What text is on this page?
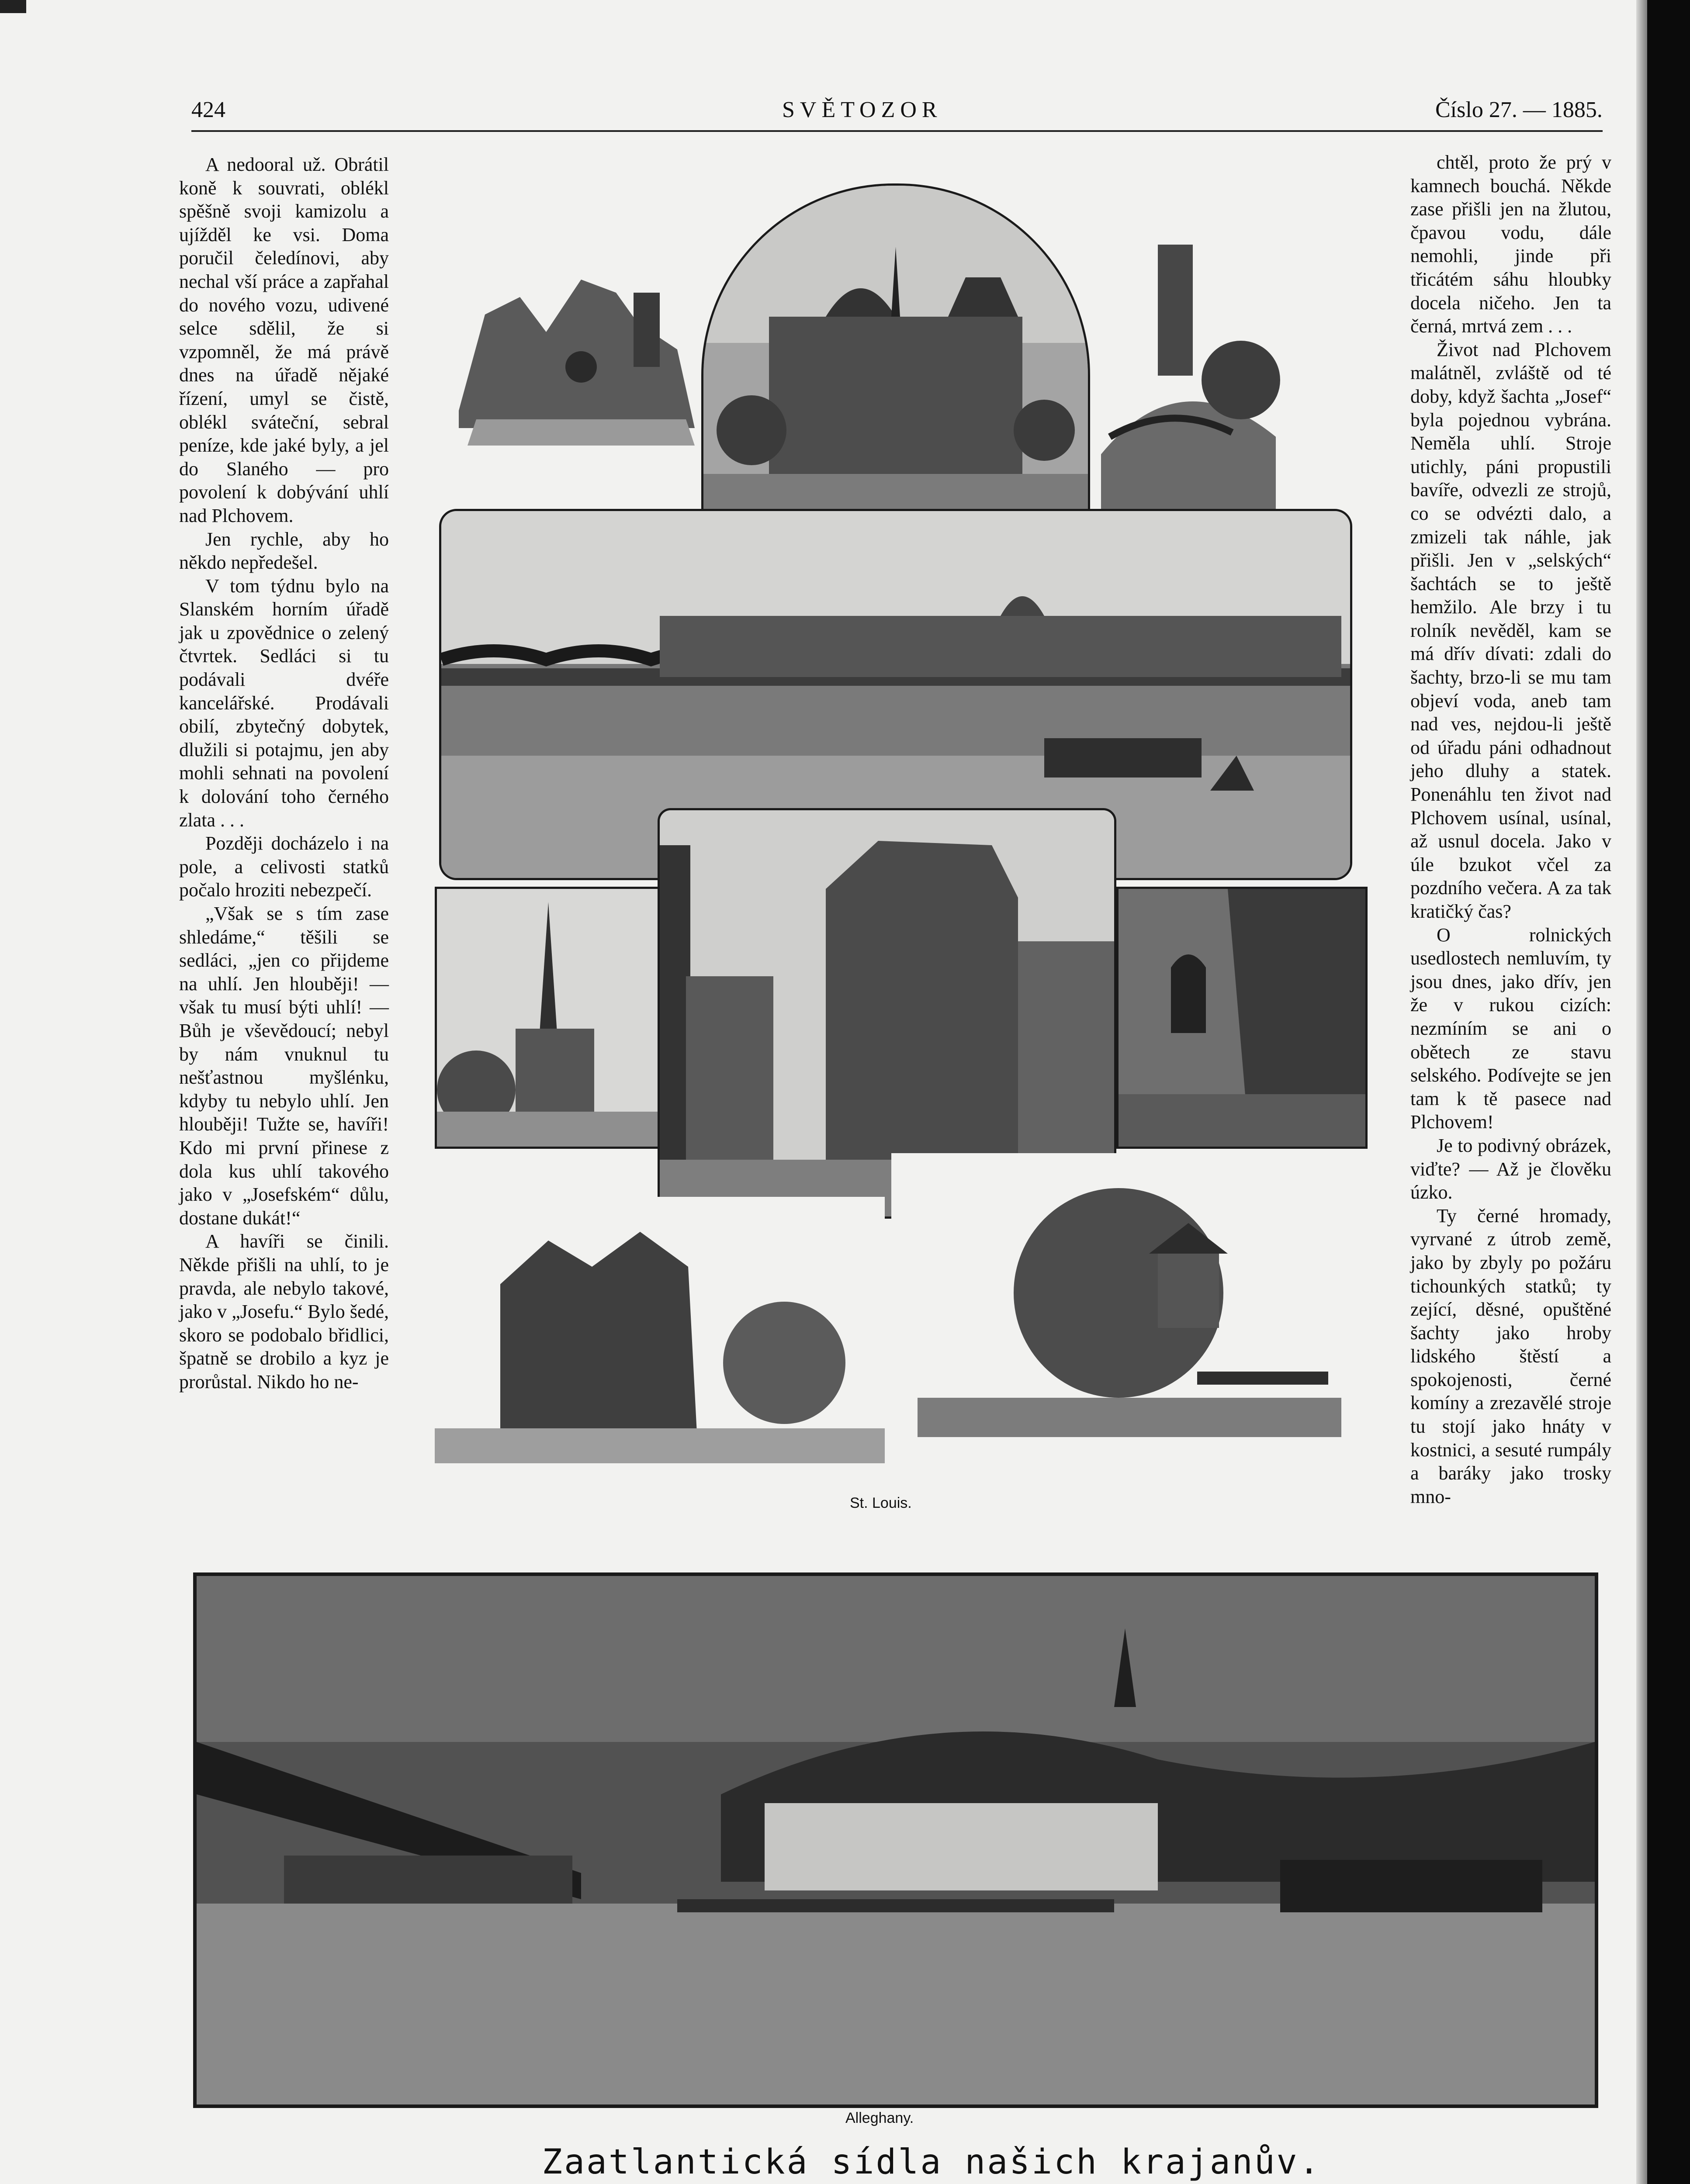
424	SVĚTOZOR	Číslo 27. — 1885.

A nedooral už. Obrátil koně k souvrati, oblékl spěšně svoji kamizolu a ujížděl ke vsi. Doma poručil čeledínovi, aby nechal vší práce a zapřahal do nového vozu, udivené selce sdělil, že si vzpomněl, že má právě dnes na úřadě nějaké řízení, umyl se čistě, oblékl sváteční, sebral peníze, kde jaké byly, a jel do Slaného — pro povolení k dobývání uhlí nad Plchovem.

Jen rychle, aby ho někdo nepředešel.

V tom týdnu bylo na Slanském horním úřadě jak u zpovědnice o zelený čtvrtek. Sedláci si tu podávali dvéře kancelářské. Prodávali obilí, zbytečný dobytek, dlužili si potajmu, jen aby mohli sehnati na povolení k dolování toho černého zlata . . .

Později docházelo i na pole, a celivosti statků počalo hroziti nebezpečí.

„Však se s tím zase shledáme,“ těšili se sedláci, „jen co přijdeme na uhlí. Jen hlouběji! — však tu musí býti uhlí! — Bůh je vševědoucí; nebyl by nám vnuknul tu nešťastnou myšlénku, kdyby tu nebylo uhlí. Jen hlouběji! Tužte se, havíři! Kdo mi první přinese z dola kus uhlí takového jako v „Josefském“ důlu, dostane dukát!“

A havíři se činili. Někde přišli na uhlí, to je pravda, ale nebylo takové, jako v „Josefu.“ Bylo šedé, skoro se podobalo břidlici, špatně se drobilo a kyz je prorůstal. Nikdo ho ne-

chtěl, proto že prý v kamnech bouchá. Někde zase přišli jen na žlutou, čpavou vodu, dále nemohli, jinde při třicátém sáhu hloubky docela ničeho. Jen ta černá, mrtvá zem . . .

Život nad Plchovem malátněl, zvláště od té doby, když šachta „Josef“ byla pojednou vybrána. Neměla uhlí. Stroje utichly, páni propustili bavíře, odvezli ze strojů, co se odvézti dalo, a zmizeli tak náhle, jak přišli. Jen v „selských“ šachtách se to ještě hemžilo. Ale brzy i tu rolník nevěděl, kam se má dřív dívati: zdali do šachty, brzo-li se mu tam objeví voda, aneb tam nad ves, nejdou-li ještě od úřadu páni odhadnout jeho dluhy a statek. Ponenáhlu ten život nad Plchovem usínal, usínal, až usnul docela. Jako v úle bzukot včel za pozdního večera. A za tak kratičký čas?

O rolnických usedlostech nemluvím, ty jsou dnes, jako dřív, jen že v rukou cizích: nezmíním se ani o obětech ze stavu selského. Podívejte se jen tam k tě pasece nad Plchovem!

Je to podivný obrázek, viďte? — Až je člověku úzko.

Ty černé hromady, vyrvané z útrob země, jako by zbyly po požáru tichounkých statků; ty zející, děsné, opuštěné šachty jako hroby lidského štěstí a spokojenosti, černé komíny a zrezavělé stroje tu stojí jako hnáty v kostnici, a sesuté rumpály a baráky jako trosky mno-

St. Louis.
Alleghany.
Zaatlantická sídla našich krajanův.
